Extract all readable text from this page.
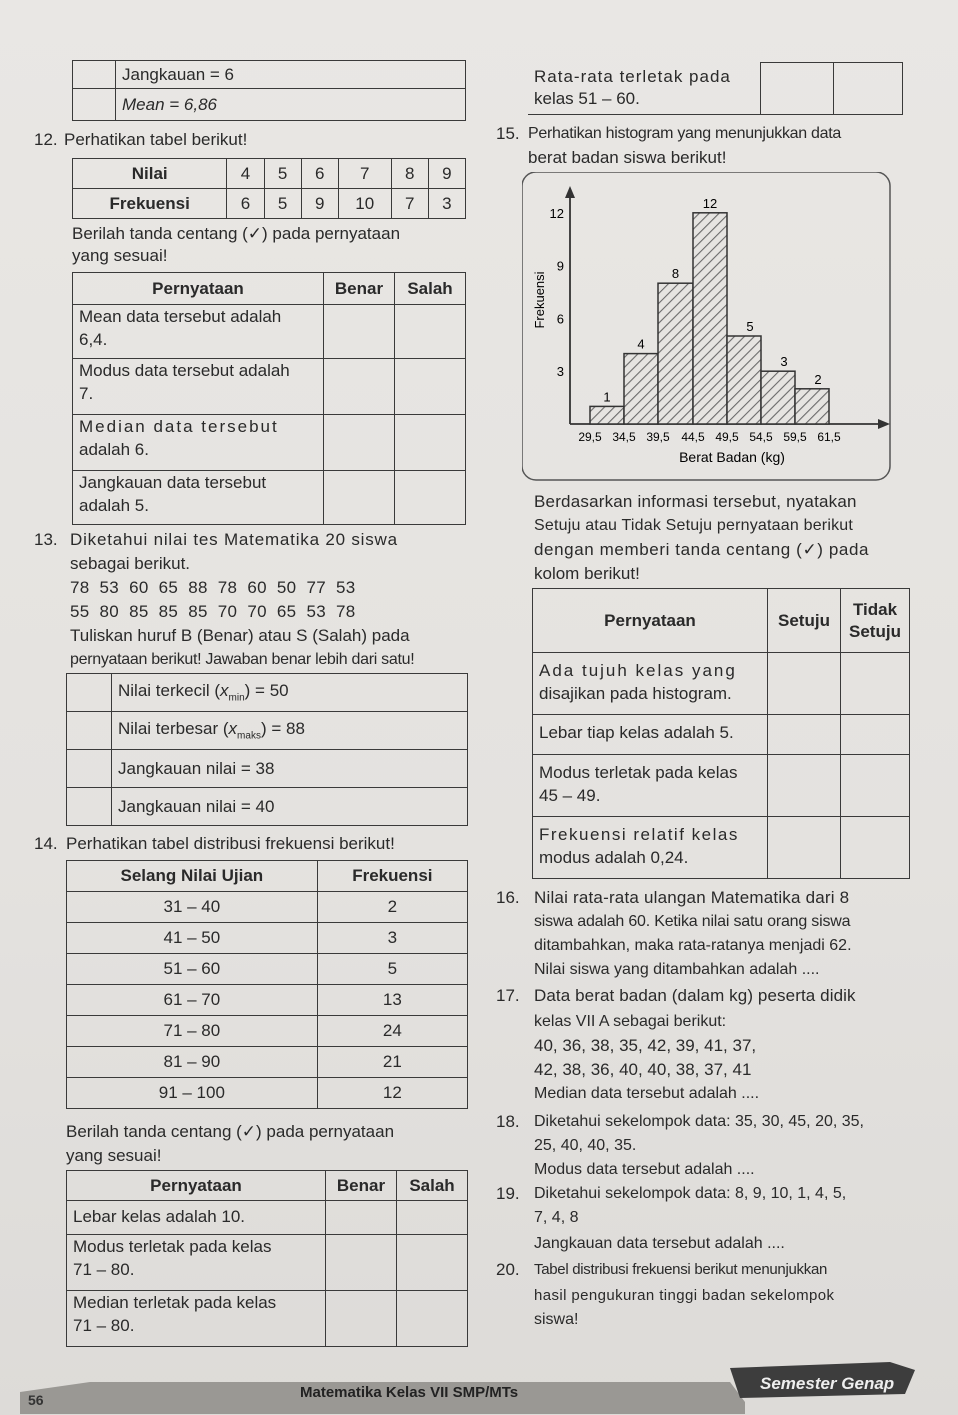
	Jangkauan = 6
	Mean = 6,86
Rata-rata terletak pada
kelas 51 – 60.

12. Perhatikan tabel berikut!
Nilai	4	5	6	7	8	9
Frekuensi	6	5	9	10	7	3
Berilah tanda centang (✓) pada pernyataan
yang sesuai!
Pernyataan	Benar	Salah

Mean data tersebut adalah
6,4.		

Modus data tersebut adalah
7.		

Median data tersebut
adalah 6.		

Jangkauan data tersebut
adalah 5.		

13. Diketahui nilai tes Matematika 20 siswa
sebagai berikut.
78  53  60  65  88  78  60  50  77  53
55  80  85  85  85  70  70  65  53  78
Tuliskan huruf B (Benar) atau S (Salah) pada
pernyataan berikut! Jawaban benar lebih dari satu!
	Nilai terkecil $(x_{min}) = 50$
	Nilai terbesar $(x_{maks}) = 88$
	Jangkauan nilai = 38
	Jangkauan nilai = 40
14. Perhatikan tabel distribusi frekuensi berikut!
Selang Nilai Ujian	Frekuensi
31 – 40	2
41 – 50	3
51 – 60	5
61 – 70	13
71 – 80	24
81 – 90	21
91 – 100	12
Berilah tanda centang (✓) pada pernyataan
yang sesuai!
Pernyataan	Benar	Salah

Lebar kelas adalah 10.		

Modus terletak pada kelas
71 – 80.		

Median terletak pada kelas
71 – 80.		

15. Perhatikan histogram yang menunjukkan data
berat badan siswa berikut!
3
6
9
12
29,5 34,5 39,5 44,5 49,5 54,5 59,5 61,5
1
4
8
12
5
3
2
Frekuensi
Berat Badan (kg)
Berdasarkan informasi tersebut, nyatakan
Setuju atau Tidak Setuju pernyataan berikut
dengan memberi tanda centang (✓) pada
kolom berikut!
Pernyataan	Setuju	Tidak
Setuju

Ada tujuh kelas yang
disajikan pada histogram.		

Lebar tiap kelas adalah 5.		

Modus terletak pada kelas
45 – 49.		

Frekuensi relatif kelas
modus adalah 0,24.		

16. Nilai rata-rata ulangan Matematika dari 8
siswa adalah 60. Ketika nilai satu orang siswa
ditambahkan, maka rata-ratanya menjadi 62.
Nilai siswa yang ditambahkan adalah ....
17. Data berat badan (dalam kg) peserta didik
kelas VII A sebagai berikut:
40, 36, 38, 35, 42, 39, 41, 37,
42, 38, 36, 40, 40, 38, 37, 41
Median data tersebut adalah ....
18. Diketahui sekelompok data: 35, 30, 45, 20, 35,
25, 40, 40, 35.
Modus data tersebut adalah ....
19. Diketahui sekelompok data: 8, 9, 10, 1, 4, 5,
7, 4, 8
Jangkauan data tersebut adalah ....
20. Tabel distribusi frekuensi berikut menunjukkan
hasil pengukuran tinggi badan sekelompok
siswa!
56	Matematika Kelas VII SMP/MTs	Semester Genap
